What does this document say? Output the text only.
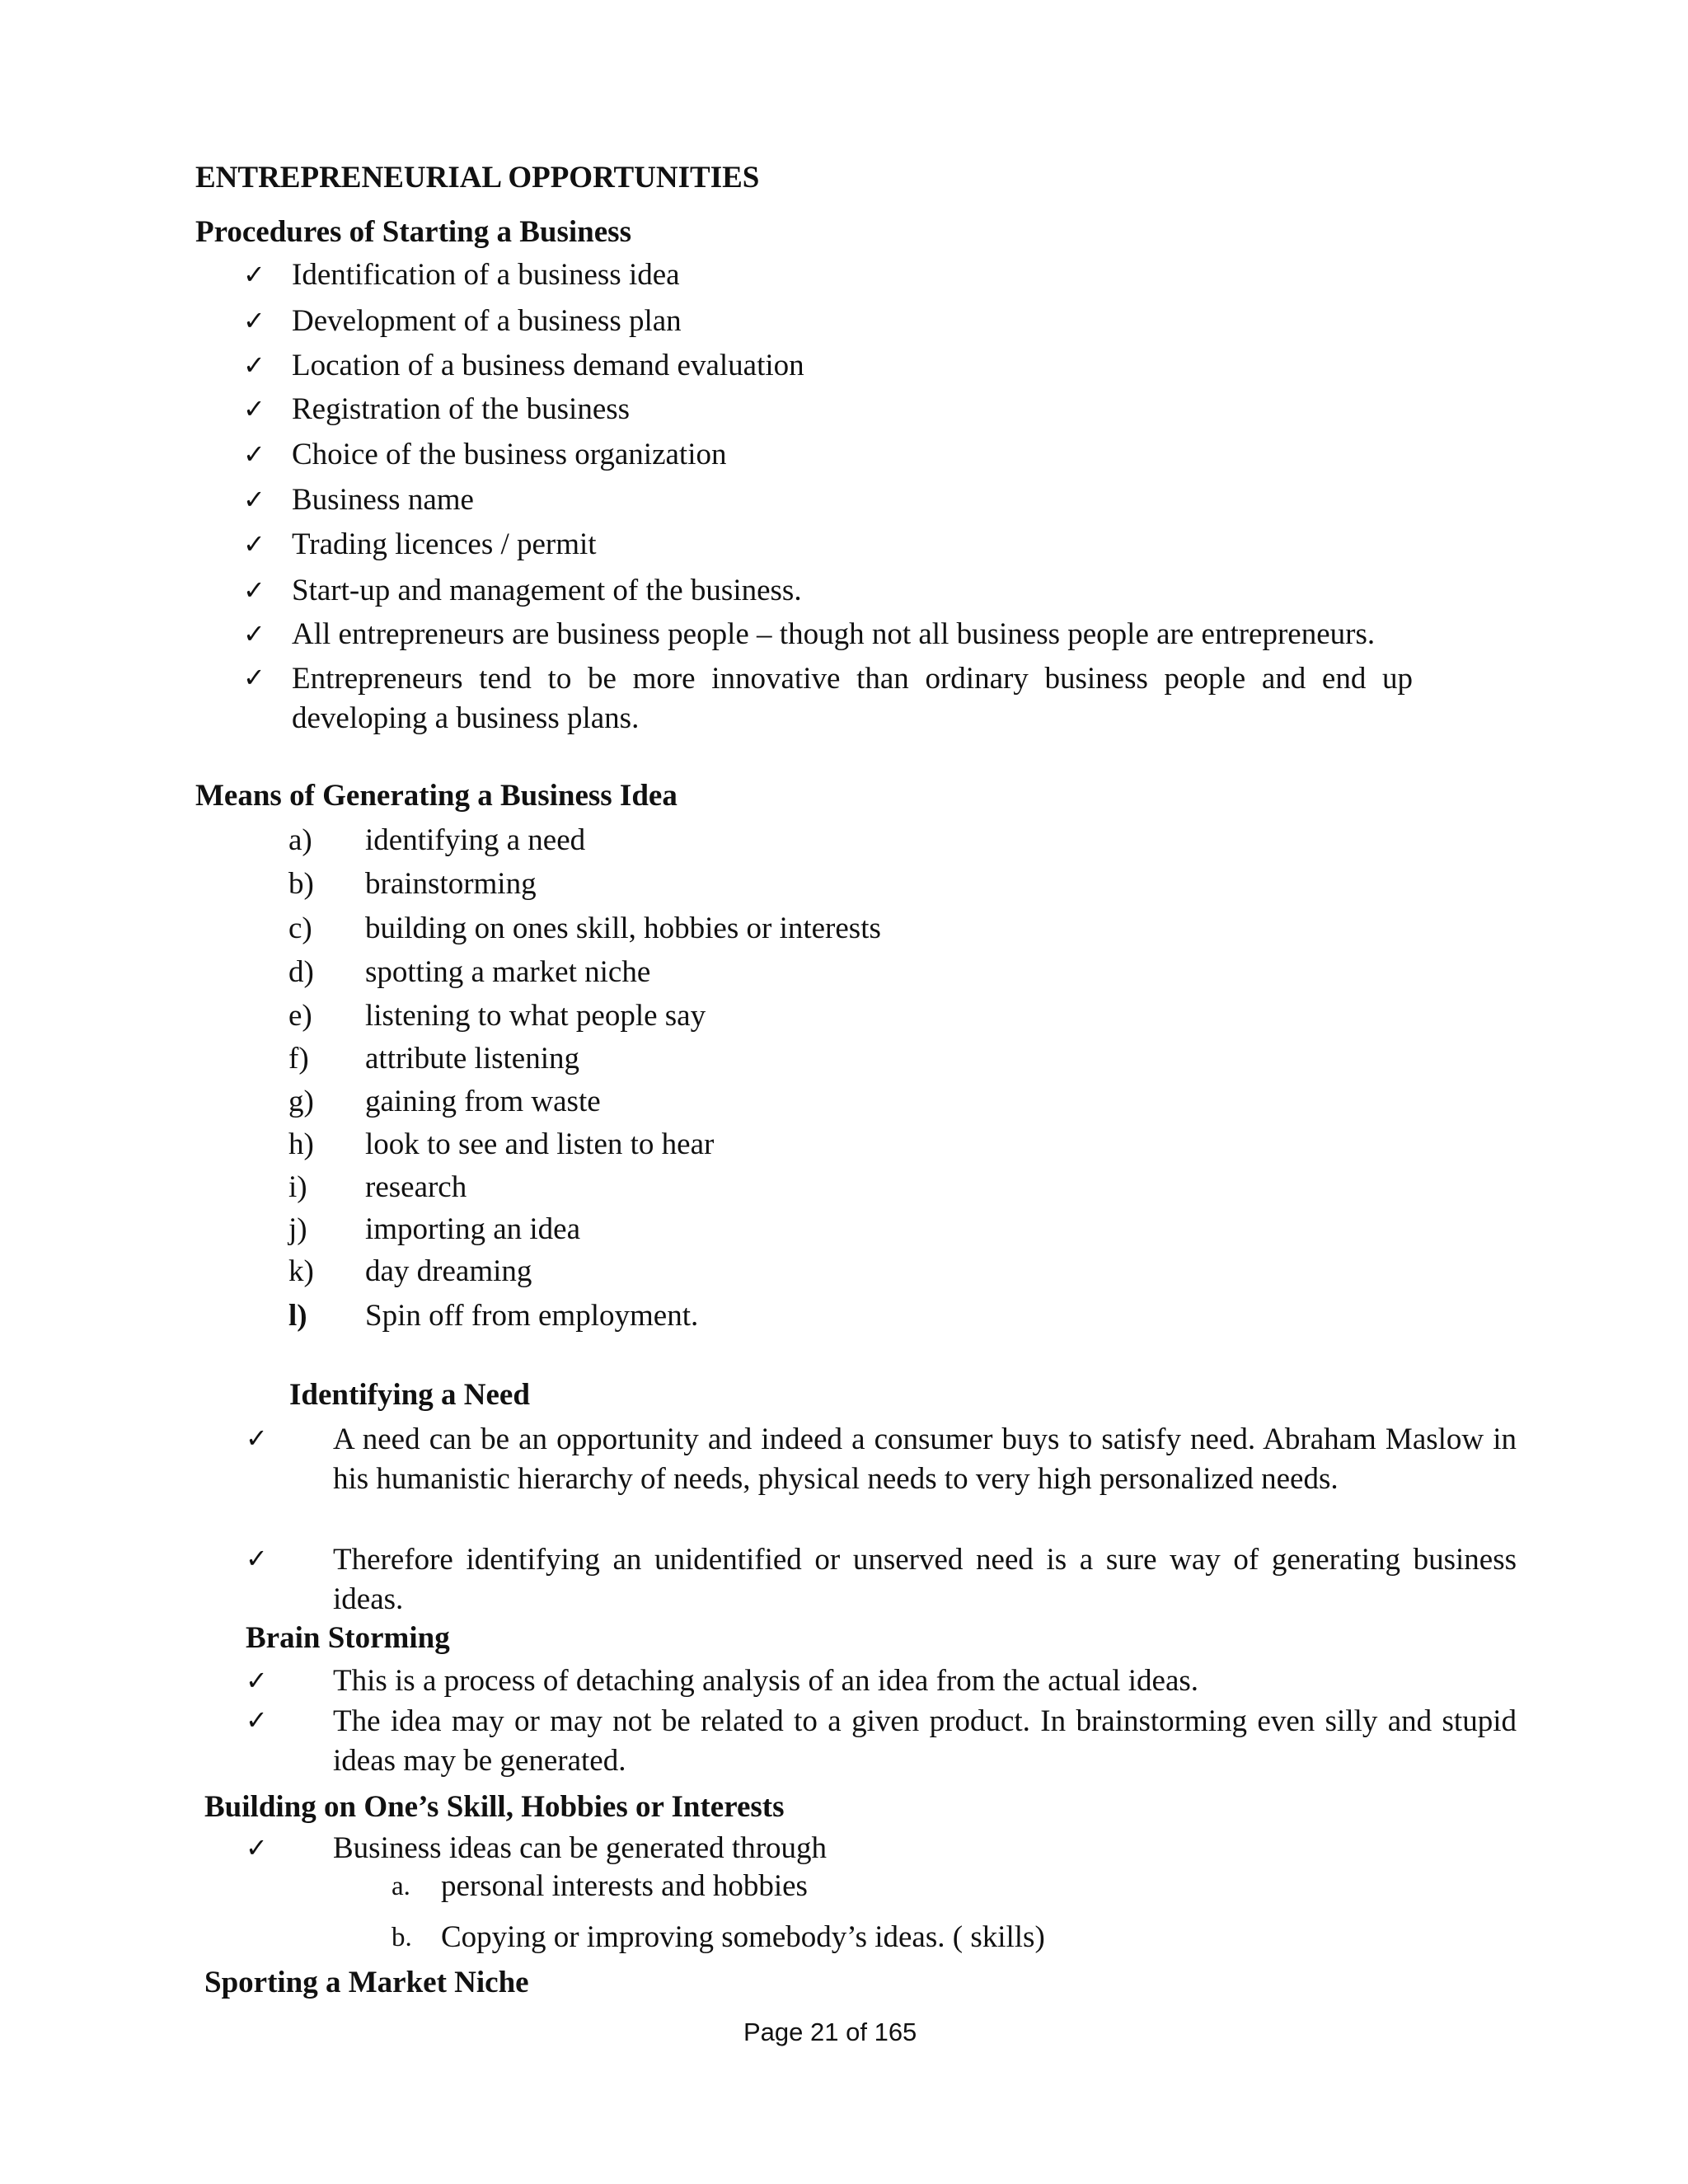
ENTREPRENEURIAL OPPORTUNITIES
Procedures of Starting a Business
✓ Identification of a business idea
✓ Development of a business plan
✓ Location of a business demand evaluation
✓ Registration of the business
✓ Choice of the business organization
✓ Business name
✓ Trading licences / permit
✓ Start-up and management of the business.
✓ All entrepreneurs are business people – though not all business people are entrepreneurs.
✓ Entrepreneurs tend to be more innovative than ordinary business people and end up developing a business plans.
Means of Generating a Business Idea
a) identifying a need
b) brainstorming
c) building on ones skill, hobbies or interests
d) spotting a market niche
e) listening to what people say
f) attribute listening
g) gaining from waste
h) look to see and listen to hear
i) research
j) importing an idea
k) day dreaming
l) Spin off from employment.
Identifying a Need
✓ A need can be an opportunity and indeed a consumer buys to satisfy need. Abraham Maslow in his humanistic hierarchy of needs, physical needs to very high personalized needs.
✓ Therefore identifying an unidentified or unserved need is a sure way of generating business ideas.
Brain Storming
✓ This is a process of detaching analysis of an idea from the actual ideas.
✓ The idea may or may not be related to a given product. In brainstorming even silly and stupid ideas may be generated.
Building on One’s Skill, Hobbies or Interests
✓ Business ideas can be generated through
a. personal interests and hobbies
b. Copying or improving somebody’s ideas. ( skills)
Sporting a Market Niche
Page 21 of 165
